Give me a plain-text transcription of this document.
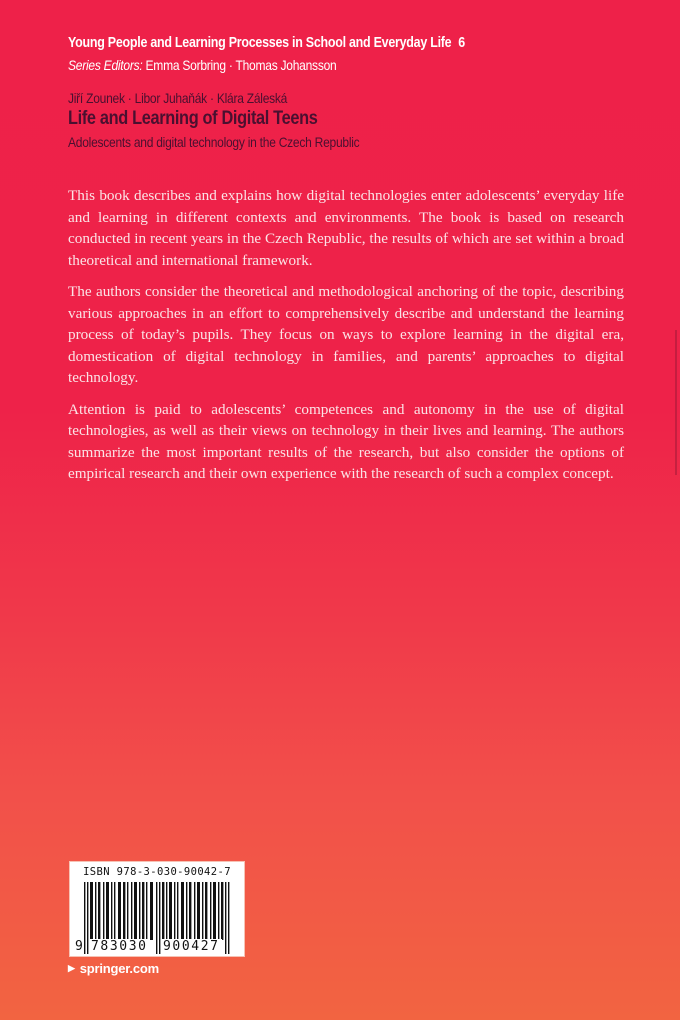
Young People and Learning Processes in School and Everyday Life 6
Series Editors: Emma Sorbring · Thomas Johansson
Jiří Zounek · Libor Juhaňák · Klára Záleská
Life and Learning of Digital Teens
Adolescents and digital technology in the Czech Republic

This book describes and explains how digital technologies enter adolescents’ everyday life and learning in different contexts and environments. The book is based on research conducted in recent years in the Czech Republic, the results of which are set within a broad theoretical and international framework.

The authors consider the theoretical and methodological anchoring of the topic, describing various approaches in an effort to comprehensively describe and understand the learning process of today’s pupils. They focus on ways to explore learning in the digital era, domestication of digital technology in families, and parents’ approaches to digital technology.

Attention is paid to adolescents’ competences and autonomy in the use of digital technologies, as well as their views on technology in their lives and learning. The authors summarize the most important results of the research, but also consider the options of empirical research and their own experience with the research of such a complex concept.

ISBN 978-3-030-90042-7
9 783030 900427
▶ springer.com
